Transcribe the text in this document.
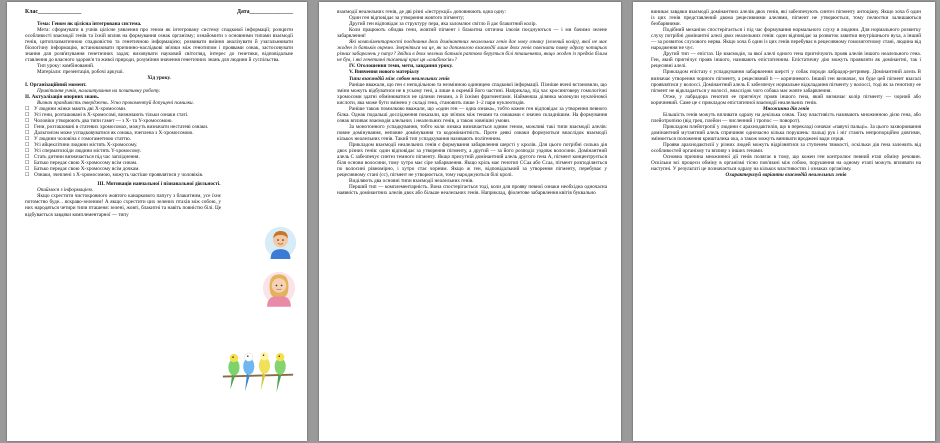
Клас_______________	Дата_______________
Тема: Геном як цілісна інтегрована система.
Мета: сформувати в учнів цілісне уявлення про геном як інтегровану систему спадкової інформації; розкрити особливості взаємодії генів та їхній вплив на формування ознак організму; ознайомити з основними типами взаємодії генів, цитоплазматичною спадковістю та генетичною інформацією; розвивати вміння аналізувати й узагальнювати біологічну інформацію, встановлювати причинно-наслідкові зв'язки між генотипом і проявами ознак, застосовувати знання для розв'язування генетичних задач; виховувати науковий світогляд, інтерес до генетики, відповідальне ставлення до власного здоров'я та живої природи, розуміння значення генетичних знань для людини й суспільства.
Тип уроку: комбінований.
Матеріали: презентація, робочі аркуші.
Хід уроку.
І. Організаційний момент.
Привітання учнів, налаштування на позитивну роботу.
ІІ. Актуалізація опорних знань.
Визнач правдивість тверджень. Усно прокоментуй допущені помилки.
☐ У людини жінки мають дві Х-хромосоми.
☐ Усі гени, розташовані в Х-хромосомі, визначають тільки ознаки статі.
☐ Чоловіки утворюють два типи гамет — з Х- та Y-хромосомою.
☐ Гени, розташовані в статевих хромосомах, можуть визначати нестатеві ознаки.
☐ Дальтонізм може успадковуватися як ознака, зчеплена з Х-хромосомою.
☐ У людини чоловіча є гомогаметною статтю.
☐ Усі яйцеклітини людини містять Х-хромосому.
☐ Усі сперматозоїди людини містять Y-хромосому.
☐ Стать дитини визначається під час запліднення.
☐ Батько передає свою Х-хромосому всім синам.
☐ Батько передає свою Х-хромосому всім дочкам.
☐ Ознаки, зчеплені з Х-хромосомою, можуть частіше проявлятися у чоловіків.
ІІІ. Мотивація навчальної і пізнавальної діяльності.
Опиймося з інформацією.
Якщо схрестити чистокровного жовтого канаркового папугу з блакитним, усе їхнє потомство буде... яскраво-зеленим! А якщо схрестити цих зелених птахів між собою, у них народяться четири типи пташеня: зелені, жовті, блакитні та навіть повністю білі. Це відбувається завдяки комплементарної — типу
взаємодії неалельних генів, де дві різні «інструкції» доповнюють одна одну:
Один ген відповідає за утворення жовтого пігменту;
Другий ген відповідає за структуру пера, яка заломлює світло й дає блакитний колір.
Коли працюють обидва гени, жовтий пігмент і блакитна оптична ілюзія поєднуються — і ми бачимо зелене забарвлення!
Які компліментарності поєднання двох домінантних неалельних генів дає нову ознаку (зелений колір), якої не має жоден із батьків окремо. Зверніться на це, як за допомогою взаємодії лише двох генів пояснити появу одразу чотирьох різних забарвлень у папуг? Звідки в двох зелених батьків раптово беруться білі пташенята, якщо жоден із предків білим не був, і які генетичні таємниці криє ця «альбіносія»?
IV. Оголошення теми, мети, завдання уроку.
V. Вивчення нового матеріалу
Типи взаємодій між собою неалельних генів
Раніше вважали, що ген є неподільною та незмінною одиницею спадкової інформації. Пізніше вчені встановили, що зміни можуть відбуватися не в усьому гені, а лише в окремій його частині. Наприклад, під час кросинговеру гомологічні хромосоми здатні обмінюватися не цілими генами, а й їхніми фрагментами. Найменша ділянка молекули нуклеїнової кислоти, яка може бути змінено у складі гена, становить лише 1–2 пари нуклеотидів.
Раніше також помилково вважали, що «один ген — одна ознака», тобто кожен ген відповідає за утворення певного білка. Однак подальші дослідження показали, що зв'язок між генами та ознаками є значно складнішим. На формування ознак впливає взаємодія алельних і неалельних генів, а також зовнішні умови.
За монотонного успадкування, тобто коли ознака визначається одним геном, можливі такі типи взаємодії алелів: повне домінування, неповне домінування та кодомінантність. Проте деякі ознаки формуються внаслідок взаємодії кількох неалельних генів. Такий тип успадкування називають полігенним.
Прикладом взаємодії неалельних генів є формування забарвлення шерсті у кролів. Для цього потрібні сильна дія двох різних генів: один відповідає за утворення пігменту, а другий — за його розподіл уздовж волосини. Домінантний алель С забезпечує синтез темного пігменту. Якщо присутній домінантний алель другого гена А, пігмент концентрується біля основи волосини, тому хутро має сіре забарвлення. Якщо кріль має генотип ССаа або Ссаа, пігмент розподіляється по волосині рівномірно, і хутро стає чорним. Якщо ж ген, відповідальний за утворення пігменту, перебуває у рецесивному стані (сс), пігмент не утворюється, тому народжуються білі кролі.
Виділяють два основні типи взаємодії неалельних генів.
Перший тип — комплементарність. Вона спостерігається тоді, коли для прояву певної ознаки необхідна одночасна наявність домінантних алелів двох або більше неалельних генів. Наприклад, фіолетове забарвлення квітів буквально
виникає завдяки взаємодії домінантних алелів двох генів, які забезпечують синтез пігменту антоціану. Якщо хоча б один із цих генів представлений двома рецесивними алелями, пігмент не утворюється, тому пелюстки залишаються безбарвними.
Подібний механізм спостерігається і під час формування нормального слуху в людини. Для нормального розвитку слуху потрібні домінантні алелі двох неалельних генів: один відповідає за розвиток завитки внутрішнього вуха, а інший — за розвиток слухового нерва. Якщо хоча б один із цих генів перебуває в рецесивному гомозиготному стані, людина від народження не чує.
Другий тип — епістаз. Це взаємодія, за якої алелі одного гена пригнічують прояв алелів іншого неалельного гена. Ген, який пригнічує прояв іншого, називають епістатичним. Епістатичну дію можуть проявляти як домінантні, так і рецесивні алелі.
Прикладом епістазу є успадкування забарвлення шерсті у собак породи лабрадор-ретривер. Домінантний алель B визначає утворення чорного пігменту, а рецесивний b — коричневого. Інший ген визначає, чи буде цей пігмент взагалі проявлятися у волоссі. Домінантний алель E забезпечує нормальне відкладання пігменту у волоссі, тоді як за генотипу ее пігмент не відкладається у волоссі, внаслідок чого собака має жовте забарвлення.
Отже, у лабрадора генотип ее пригнічує прояв іншого гена, який визначає колір пігменту — чорний або коричневий. Саме це є прикладом епістатичної взаємодії неалельних генів.
Множинна дія генів
Більшість генів можуть впливати одразу на декілька ознак. Таку властивість називають множинною дією гена, або плейотропією (від грец. плейон — численний і тропос — поворот).
Прикладом плейотропії у людини є арахнодактилія, що в перекладі означає «павучі пальці». За цього захворювання домінантний мутантний алель спричиняє одночасно кілька порушень: пальці рук і ніг стають непропорційно довгими, змінюється положення кришталика ока, а також можуть виникати вроджені вади серця.
Прояви арахнодактилії у різних людей можуть відрізнятися за ступенем тяжкості, оскільки дія гена залежить від особливостей організму та впливу з інших генами.
Основна причина множинної дії генів полягає в тому, що кожен ген контролює певний етап обміну речовин. Оскільки всі процеси обміну в організмі тісно пов'язані між собою, порушення на одному етапі можуть впливати на наступні. У результаті це позначається одразу на кількох властивостях і ознаках організму.
Охарактеризуй варіанти взаємодій неалельних генів
